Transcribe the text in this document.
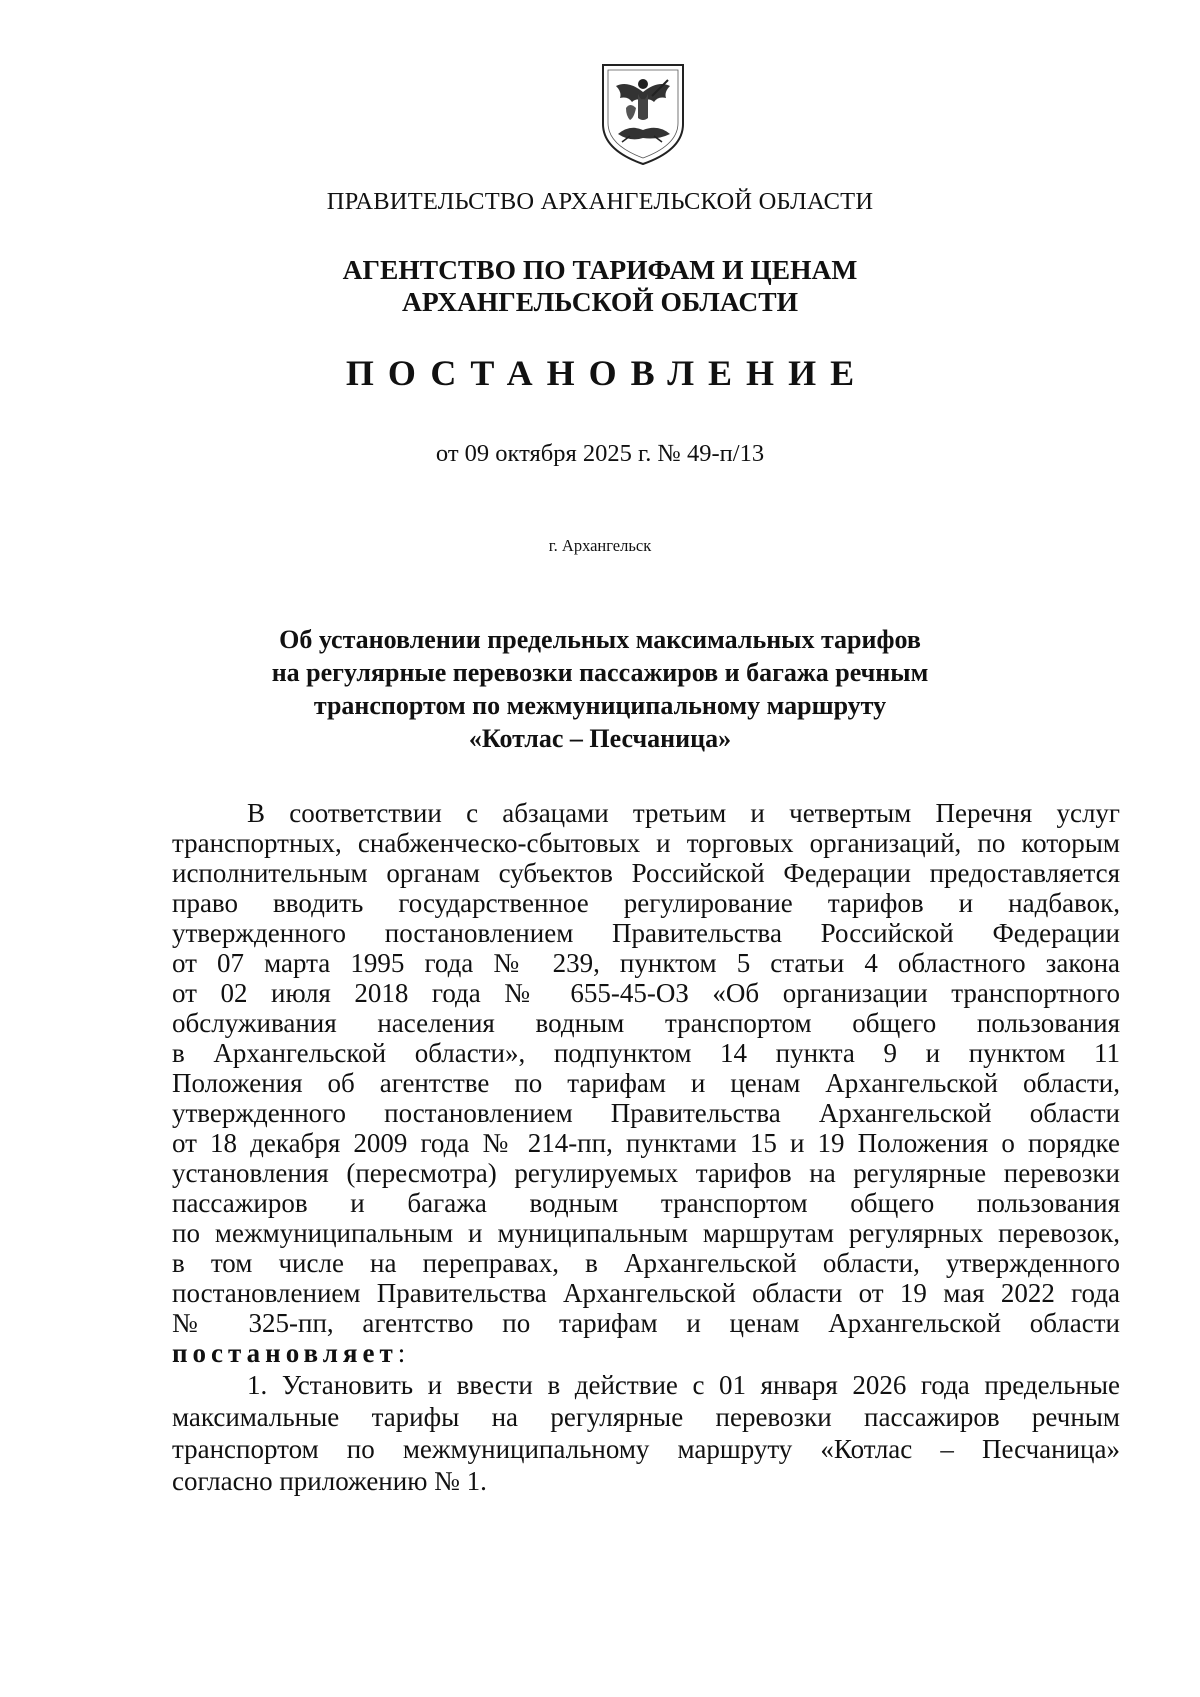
ПРАВИТЕЛЬСТВО АРХАНГЕЛЬСКОЙ ОБЛАСТИ
АГЕНТСТВО ПО ТАРИФАМ И ЦЕНАМ
АРХАНГЕЛЬСКОЙ ОБЛАСТИ
ПОСТАНОВЛЕНИЕ
от 09 октября 2025 г. № 49-п/13
г. Архангельск
Об установлении предельных максимальных тарифов
на регулярные перевозки пассажиров и багажа речным
транспортом по межмуниципальному маршруту
«Котлас – Песчаница»
В соответствии с абзацами третьим и четвертым Перечня услуг
транспортных, снабженческо-сбытовых и торговых организаций, по которым
исполнительным органам субъектов Российской Федерации предоставляется
право вводить государственное регулирование тарифов и надбавок,
утвержденного постановлением Правительства Российской Федерации
от 07 марта 1995 года № 239, пунктом 5 статьи 4 областного закона
от 02 июля 2018 года № 655-45-ОЗ «Об организации транспортного
обслуживания населения водным транспортом общего пользования
в Архангельской области», подпунктом 14 пункта 9 и пунктом 11
Положения об агентстве по тарифам и ценам Архангельской области,
утвержденного постановлением Правительства Архангельской области
от 18 декабря 2009 года № 214-пп, пунктами 15 и 19 Положения о порядке
установления (пересмотра) регулируемых тарифов на регулярные перевозки
пассажиров и багажа водным транспортом общего пользования
по межмуниципальным и муниципальным маршрутам регулярных перевозок,
в том числе на переправах, в Архангельской области, утвержденного
постановлением Правительства Архангельской области от 19 мая 2022 года
№ 325-пп, агентство по тарифам и ценам Архангельской области
постановляет:
1. Установить и ввести в действие с 01 января 2026 года предельные
максимальные тарифы на регулярные перевозки пассажиров речным
транспортом по межмуниципальному маршруту «Котлас – Песчаница»
согласно приложению № 1.
